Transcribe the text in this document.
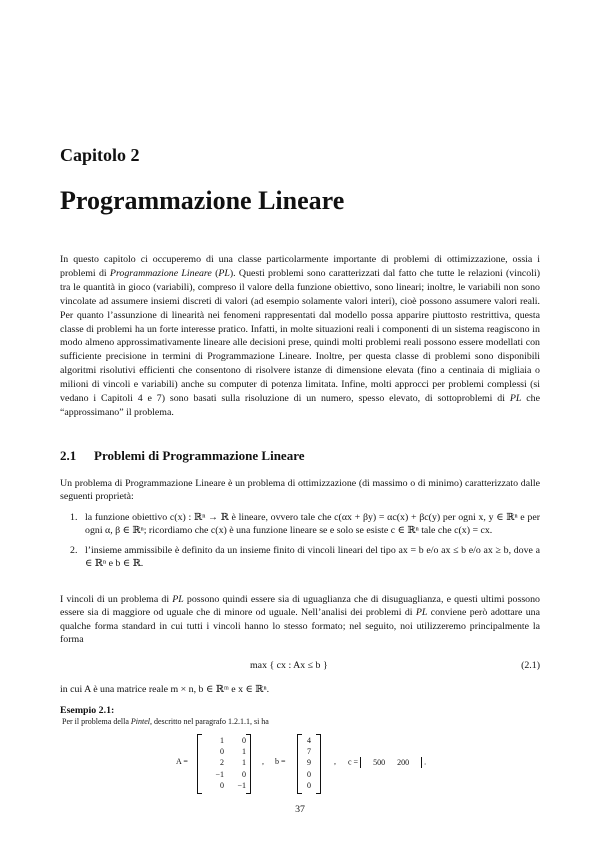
Capitolo 2
Programmazione Lineare

In questo capitolo ci occuperemo di una classe particolarmente importante di problemi di ottimizzazione, ossia i problemi di Programmazione Lineare (PL). Questi problemi sono caratterizzati dal fatto che tutte le relazioni (vincoli) tra le quantità in gioco (variabili), compreso il valore della funzione obiettivo, sono lineari; inoltre, le variabili non sono vincolate ad assumere insiemi discreti di valori (ad esempio solamente valori interi), cioè possono assumere valori reali. Per quanto l’assunzione di linearità nei fenomeni rappresentati dal modello possa apparire piuttosto restrittiva, questa classe di problemi ha un forte interesse pratico. Infatti, in molte situazioni reali i componenti di un sistema reagiscono in modo almeno approssimativamente lineare alle decisioni prese, quindi molti problemi reali possono essere modellati con sufficiente precisione in termini di Programmazione Lineare. Inoltre, per questa classe di problemi sono disponibili algoritmi risolutivi efficienti che consentono di risolvere istanze di dimensione elevata (fino a centinaia di migliaia o milioni di vincoli e variabili) anche su computer di potenza limitata. Infine, molti approcci per problemi complessi (si vedano i Capitoli 4 e 7) sono basati sulla risoluzione di un numero, spesso elevato, di sottoproblemi di PL che “approssimano” il problema.

2.1 Problemi di Programmazione Lineare

Un problema di Programmazione Lineare è un problema di ottimizzazione (di massimo o di minimo) caratterizzato dalle seguenti proprietà:

1. la funzione obiettivo c(x) : ℝⁿ → ℝ è lineare, ovvero tale che c(αx + βy) = αc(x) + βc(y) per ogni x, y ∈ ℝⁿ e per ogni α, β ∈ ℝⁿ; ricordiamo che c(x) è una funzione lineare se e solo se esiste c ∈ ℝⁿ tale che c(x) = cx.
2. l’insieme ammissibile è definito da un insieme finito di vincoli lineari del tipo ax = b e/o ax ≤ b e/o ax ≥ b, dove a ∈ ℝⁿ e b ∈ ℝ.

I vincoli di un problema di PL possono quindi essere sia di uguaglianza che di disuguaglianza, e questi ultimi possono essere sia di maggiore od uguale che di minore od uguale. Nell’analisi dei problemi di PL conviene però adottare una qualche forma standard in cui tutti i vincoli hanno lo stesso formato; nel seguito, noi utilizzeremo principalmente la forma

max { cx : Ax ≤ b }	(2.1)

in cui A è una matrice reale m × n, b ∈ ℝᵐ e x ∈ ℝⁿ.

Esempio 2.1:

Per il problema della Pintel, descritto nel paragrafo 1.2.1.1, si ha

A =
1	0
0	1
2	1
−1	0
0	−1
, b =
4
7
9
0
0
, c = 500 200 .
37
